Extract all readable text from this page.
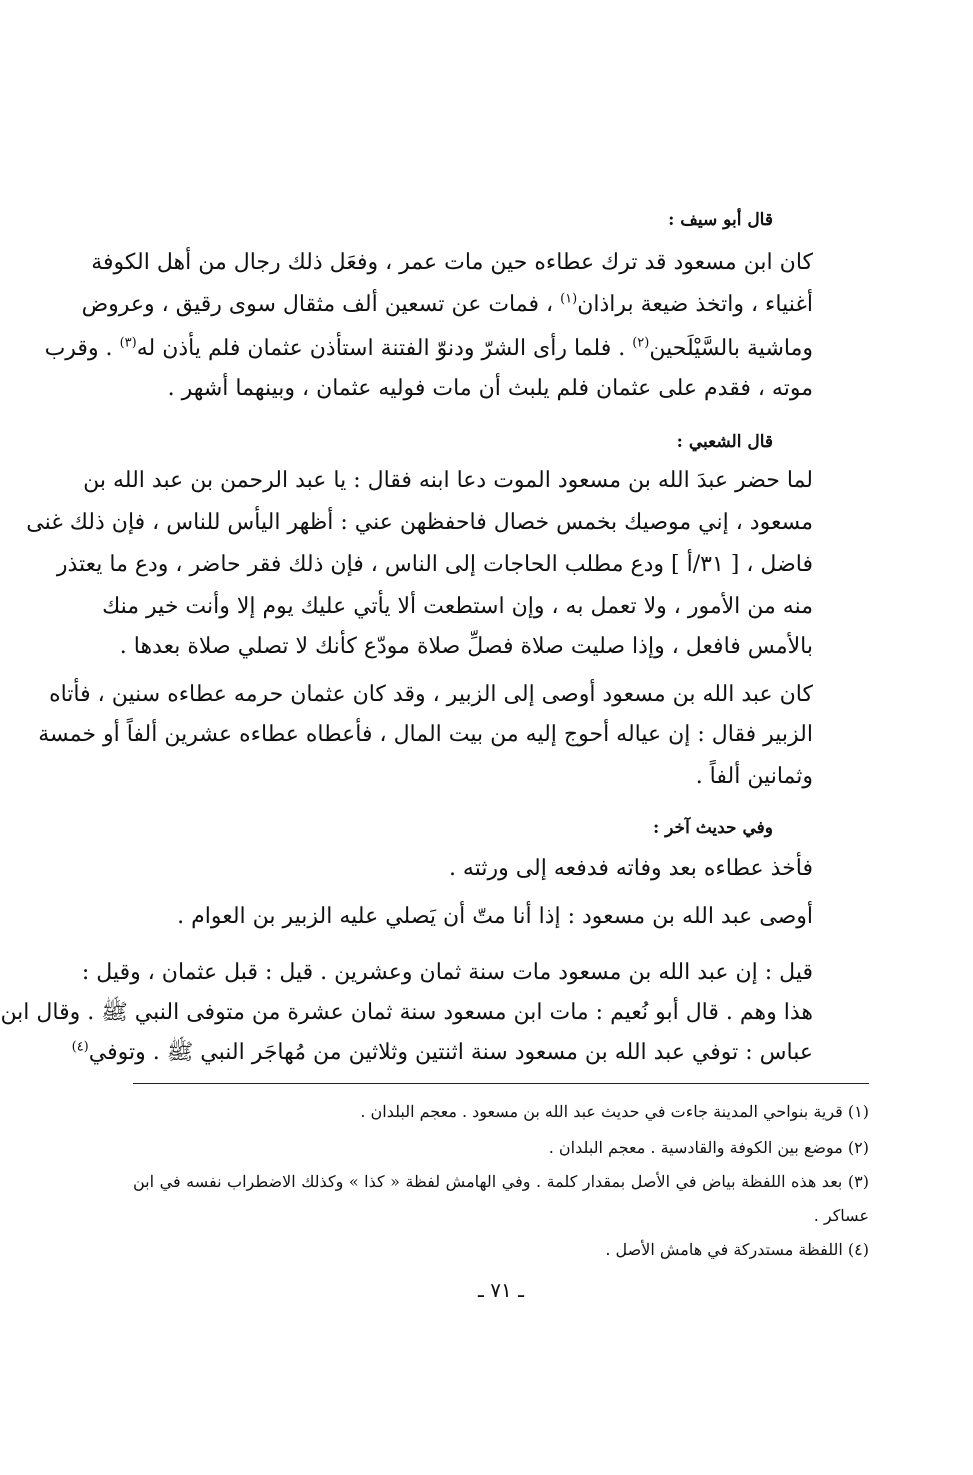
قال أبو سيف :
كان ابن مسعود قد ترك عطاءه حين مات عمر ، وفعَل ذلك رجال من أهل الكوفة
أغنياء ، واتخذ ضيعة براذان$^{(١)}$ ، فمات عن تسعين ألف مثقال سوى رقيق ، وعروض
وماشية بالسَّيْلَحين$^{(٢)}$ . فلما رأى الشرّ ودنوّ الفتنة استأذن عثمان فلم يأذن له$^{(٣)}$ . وقرب
موته ، فقدم على عثمان فلم يلبث أن مات فوليه عثمان ، وبينهما أشهر .
قال الشعبي :
لما حضر عبدَ الله بن مسعود الموت دعا ابنه فقال : يا عبد الرحمن بن عبد الله بن
مسعود ، إني موصيك بخمس خصال فاحفظهن عني : أظهر اليأس للناس ، فإن ذلك غنى
فاضل ، [ ٣١/أ ] ودع مطلب الحاجات إلى الناس ، فإن ذلك فقر حاضر ، ودع ما يعتذر
منه من الأمور ، ولا تعمل به ، وإن استطعت ألا يأتي عليك يوم إلا وأنت خير منك
بالأمس فافعل ، وإذا صليت صلاة فصلِّ صلاة مودّع كأنك لا تصلي صلاة بعدها .
كان عبد الله بن مسعود أوصى إلى الزبير ، وقد كان عثمان حرمه عطاءه سنين ، فأتاه
الزبير فقال : إن عياله أحوج إليه من بيت المال ، فأعطاه عطاءه عشرين ألفاً أو خمسة
وثمانين ألفاً .
وفي حديث آخر :
فأخذ عطاءه بعد وفاته فدفعه إلى ورثته .
أوصى عبد الله بن مسعود : إذا أنا متّ أن يَصلي عليه الزبير بن العوام .
قيل : إن عبد الله بن مسعود مات سنة ثمان وعشرين . قيل : قبل عثمان ، وقيل :
هذا وهم . قال أبو نُعيم : مات ابن مسعود سنة ثمان عشرة من متوفى النبي ﷺ . وقال ابن
عباس : توفي عبد الله بن مسعود سنة اثنتين وثلاثين من مُهاجَر النبي ﷺ . وتوفي$^{(٤)}$
(١) قرية بنواحي المدينة جاءت في حديث عبد الله بن مسعود . معجم البلدان .
(٢) موضع بين الكوفة والقادسية . معجم البلدان .
(٣) بعد هذه اللفظة بياض في الأصل بمقدار كلمة . وفي الهامش لفظة « كذا » وكذلك الاضطراب نفسه في ابن
عساكر .
(٤) اللفظة مستدركة في هامش الأصل .
ـ ٧١ ـ
